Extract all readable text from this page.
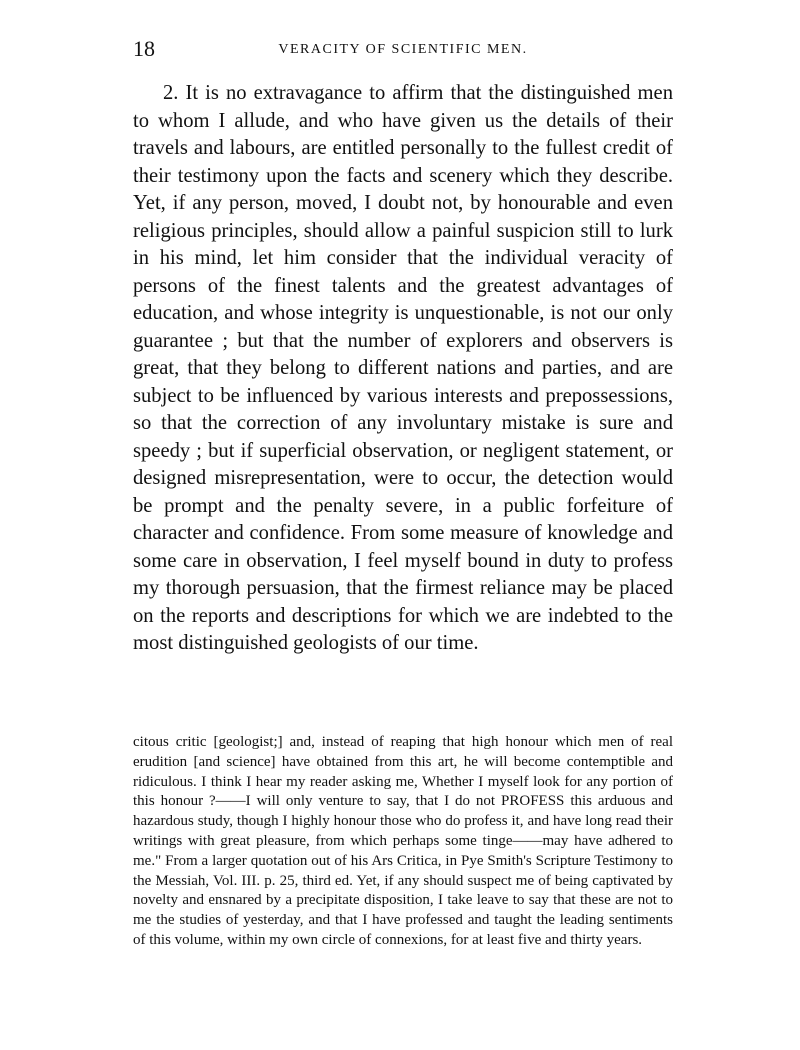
18	VERACITY OF SCIENTIFIC MEN.

2. It is no extravagance to affirm that the distinguished men to whom I allude, and who have given us the details of their travels and labours, are entitled personally to the fullest credit of their testimony upon the facts and scenery which they describe. Yet, if any person, moved, I doubt not, by honourable and even religious principles, should allow a painful suspicion still to lurk in his mind, let him consider that the individual veracity of persons of the finest talents and the greatest advantages of education, and whose integrity is unquestionable, is not our only guarantee ; but that the number of explorers and observers is great, that they belong to different nations and parties, and are subject to be influenced by various interests and prepossessions, so that the correction of any involuntary mistake is sure and speedy ; but if superficial observation, or negligent statement, or designed misrepresentation, were to occur, the detection would be prompt and the penalty severe, in a public forfeiture of character and confidence. From some measure of knowledge and some care in observation, I feel myself bound in duty to profess my thorough persuasion, that the firmest reliance may be placed on the reports and descriptions for which we are indebted to the most distinguished geologists of our time.

citous critic [geologist;] and, instead of reaping that high honour which men of real erudition [and science] have obtained from this art, he will become contemptible and ridiculous. I think I hear my reader asking me, Whether I myself look for any portion of this honour ?——I will only venture to say, that I do not PROFESS this arduous and hazardous study, though I highly honour those who do profess it, and have long read their writings with great pleasure, from which perhaps some tinge——may have adhered to me." From a larger quotation out of his Ars Critica, in Pye Smith's Scripture Testimony to the Messiah, Vol. III. p. 25, third ed. Yet, if any should suspect me of being captivated by novelty and ensnared by a precipitate disposition, I take leave to say that these are not to me the studies of yesterday, and that I have professed and taught the leading sentiments of this volume, within my own circle of connexions, for at least five and thirty years.
